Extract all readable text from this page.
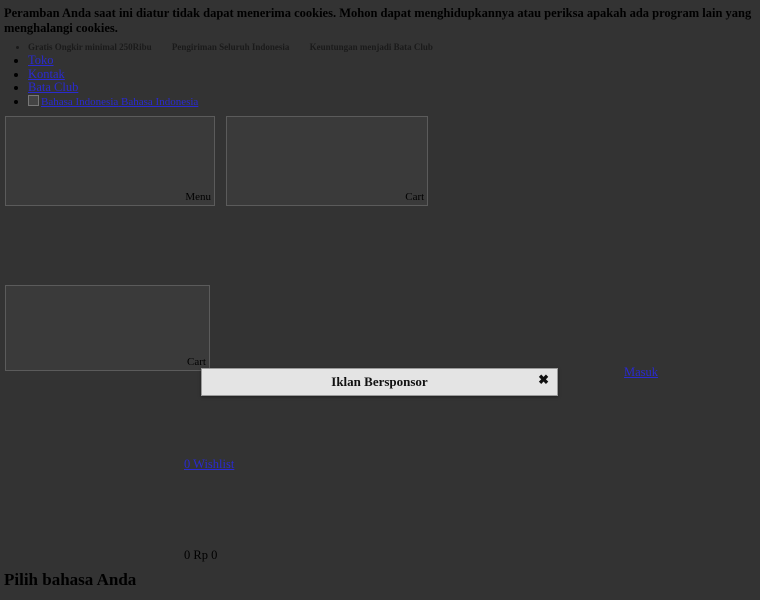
Peramban Anda saat ini diatur tidak dapat menerima cookies. Mohon dapat menghidupkannya atau periksa apakah ada program lain yang menghalangi cookies.

• Gratis Ongkir minimal 250Ribu Pengiriman Seluruh Indonesia Keuntungan menjadi Bata Club
• Toko
• Kontak
• Bata Club
• Bahasa Indonesia Bahasa Indonesia
Menu
	Cart
Cart
Masuk
0 Wishlist
0 Rp 0
Pilih bahasa Anda
Iklan Bersponsor	✖
